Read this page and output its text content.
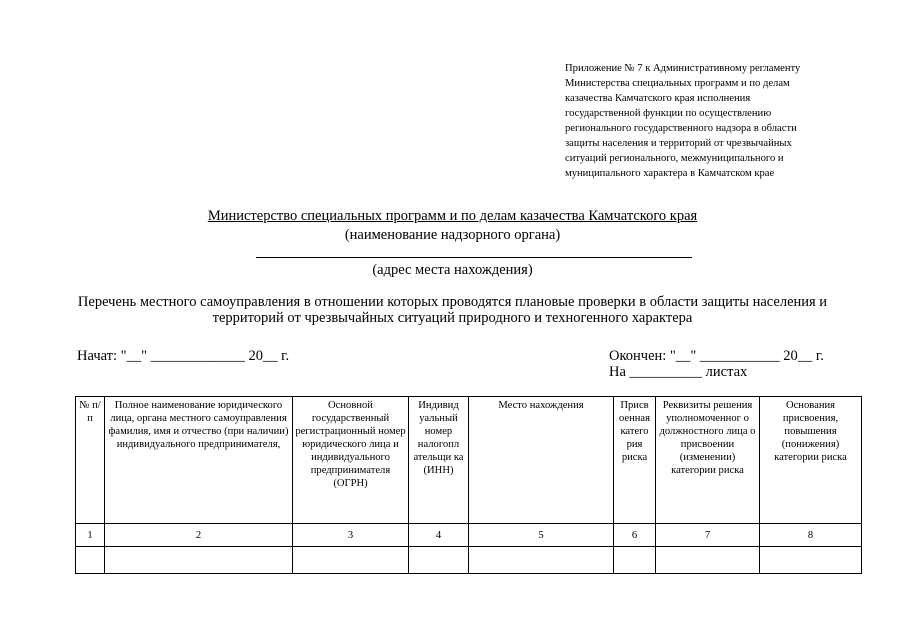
Приложение № 7 к Административному регламенту
Министерства специальных программ и по делам
казачества Камчатского края исполнения
государственной функции по осуществлению
регионального государственного надзора в области
защиты населения и территорий от чрезвычайных
ситуаций регионального, межмуниципального и
муниципального характера в Камчатском крае
Министерство специальных программ и по делам казачества Камчатского края
(наименование надзорного органа)
(адрес места нахождения)
Перечень местного самоуправления в отношении которых проводятся плановые проверки в области защиты населения и
территорий от чрезвычайных ситуаций природного и техногенного характера
Начат: "__" _____________ 20__ г.	Окончен: "__" ___________ 20__ г.
На __________ листах
№ п/п	Полное наименование юридического лица, органа местного самоуправления фамилия, имя и отчество (при наличии) индивидуального предпринимателя,	Основной государственный регистрационный номер юридического лица и индивидуального предпринимателя (ОГРН)	Индивид уальный номер налогопл ательщи ка (ИНН)	Место нахождения	Присв оенная катего рия риска	Реквизиты решения уполномоченног о должностного лица о присвоении (изменении) категории риска	Основания присвоения, повышения (понижения) категории риска
1	2	3	4	5	6	7	8
